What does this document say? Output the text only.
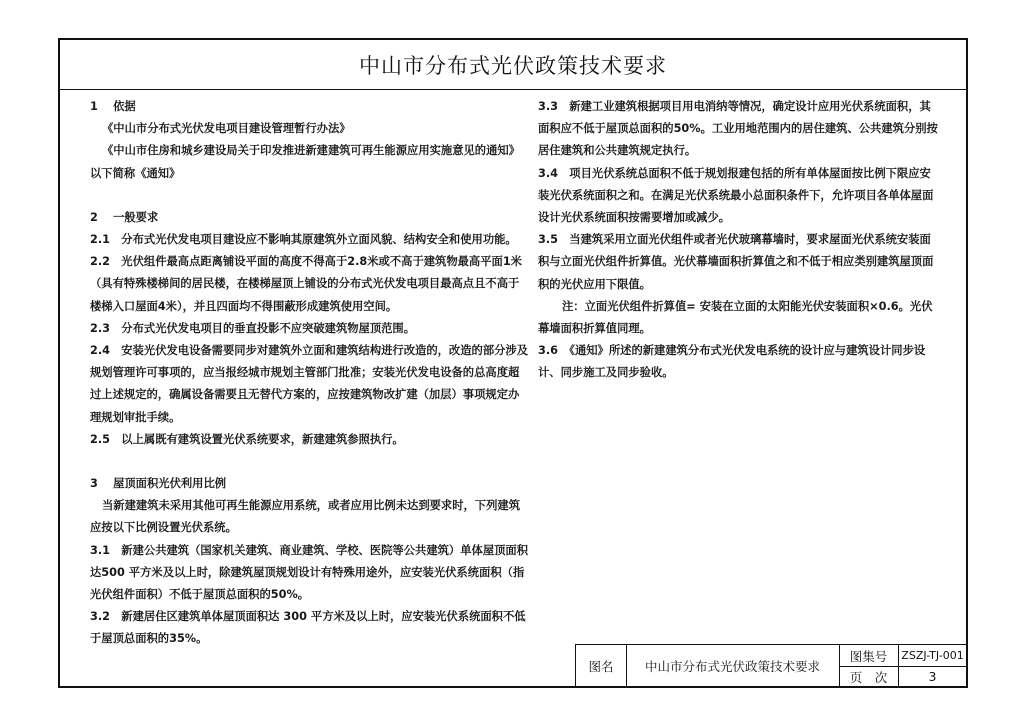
中山市分布式光伏政策技术要求

1　 依据

《中山市分布式光伏发电项目建设管理暂行办法》

《中山市住房和城乡建设局关于印发推进新建建筑可再生能源应用实施意见的通知》以下简称《通知》

2　 一般要求

2.1　分布式光伏发电项目建设应不影响其原建筑外立面风貌、结构安全和使用功能。

2.2　光伏组件最高点距离铺设平面的高度不得高于2.8米或不高于建筑物最高平面1米（具有特殊楼梯间的居民楼，在楼梯屋顶上铺设的分布式光伏发电项目最高点且不高于楼梯入口屋面4米），并且四面均不得围蔽形成建筑使用空间。

2.3　分布式光伏发电项目的垂直投影不应突破建筑物屋顶范围。

2.4　安装光伏发电设备需要同步对建筑外立面和建筑结构进行改造的，改造的部分涉及规划管理许可事项的，应当报经城市规划主管部门批准；安装光伏发电设备的总高度超过上述规定的，确属设备需要且无替代方案的，应按建筑物改扩建（加层）事项规定办理规划审批手续。

2.5　以上属既有建筑设置光伏系统要求，新建建筑参照执行。

3　 屋顶面积光伏利用比例

当新建建筑未采用其他可再生能源应用系统，或者应用比例未达到要求时，下列建筑应按以下比例设置光伏系统。

3.1　新建公共建筑（国家机关建筑、商业建筑、学校、医院等公共建筑）单体屋顶面积达500 平方米及以上时，除建筑屋顶规划设计有特殊用途外，应安装光伏系统面积（指光伏组件面积）不低于屋顶总面积的50%。

3.2　新建居住区建筑单体屋顶面积达 300 平方米及以上时，应安装光伏系统面积不低于屋顶总面积的35%。

3.3　新建工业建筑根据项目用电消纳等情况，确定设计应用光伏系统面积，其面积应不低于屋顶总面积的50%。工业用地范围内的居住建筑、公共建筑分别按居住建筑和公共建筑规定执行。

3.4　项目光伏系统总面积不低于规划报建包括的所有单体屋面按比例下限应安装光伏系统面积之和。在满足光伏系统最小总面积条件下，允许项目各单体屋面设计光伏系统面积按需要增加或减少。

3.5　当建筑采用立面光伏组件或者光伏玻璃幕墙时，要求屋面光伏系统安装面积与立面光伏组件折算值。光伏幕墙面积折算值之和不低于相应类别建筑屋顶面积的光伏应用下限值。

注：立面光伏组件折算值= 安装在立面的太阳能光伏安装面积×0.6。光伏幕墙面积折算值同理。

3.6　《通知》所述的新建建筑分布式光伏发电系统的设计应与建筑设计同步设计、同步施工及同步验收。

图名	中山市分布式光伏政策技术要求
图集号	ZSZJ-TJ-001
页　次	3
